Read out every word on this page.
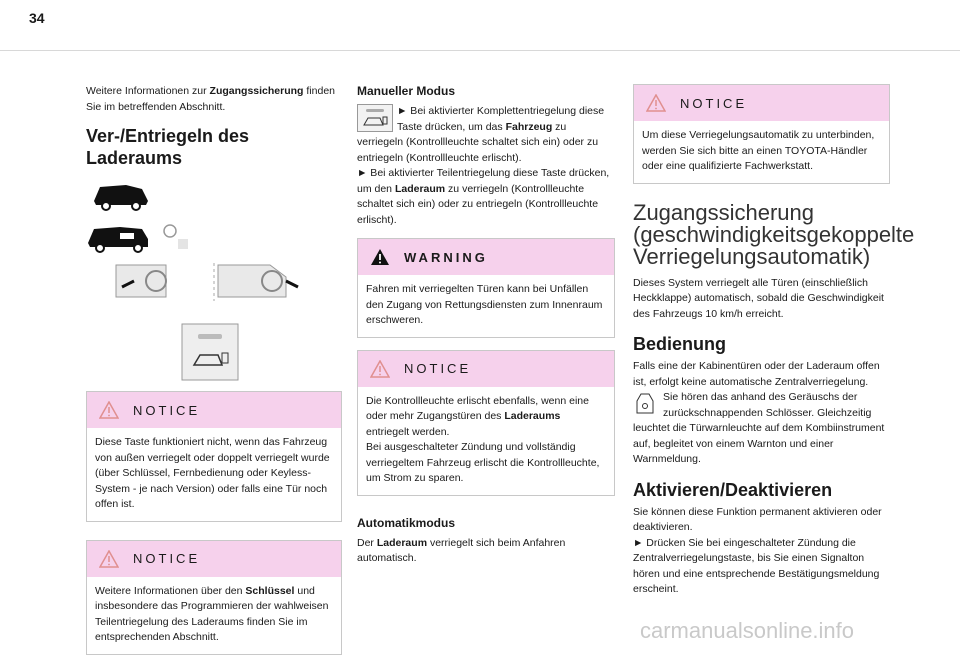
34

Weitere Informationen zur Zugangssicherung finden Sie im betreffenden Abschnitt.

Ver-/Entriegeln des Laderaums
NOTICE

Diese Taste funktioniert nicht, wenn das Fahrzeug von außen verriegelt oder doppelt verriegelt wurde (über Schlüssel, Fernbedienung oder Keyless-System - je nach Version) oder falls eine Tür noch offen ist.

NOTICE

Weitere Informationen über den Schlüssel und insbesondere das Programmieren der wahlweisen Teilentriegelung des Laderaums finden Sie im entsprechenden Abschnitt.

Manueller Modus

► Bei aktivierter Komplettentriegelung diese Taste drücken, um das Fahrzeug zu verriegeln (Kontrollleuchte schaltet sich ein) oder zu entriegeln (Kontrollleuchte erlischt).

► Bei aktivierter Teilentriegelung diese Taste drücken, um den Laderaum zu verriegeln (Kontrollleuchte schaltet sich ein) oder zu entriegeln (Kontrollleuchte erlischt).

WARNING

Fahren mit verriegelten Türen kann bei Unfällen den Zugang von Rettungsdiensten zum Innenraum erschweren.

NOTICE

Die Kontrollleuchte erlischt ebenfalls, wenn eine oder mehr Zugangstüren des Laderaums entriegelt werden.

Bei ausgeschalteter Zündung und vollständig verriegeltem Fahrzeug erlischt die Kontrollleuchte, um Strom zu sparen.

Automatikmodus

Der Laderaum verriegelt sich beim Anfahren automatisch.

NOTICE

Um diese Verriegelungsautomatik zu unterbinden, werden Sie sich bitte an einen TOYOTA-Händler oder eine qualifizierte Fachwerkstatt.

Zugangssicherung (geschwindigkeitsgekoppelte Verriegelungsautomatik)

Dieses System verriegelt alle Türen (einschließlich Heckklappe) automatisch, sobald die Geschwindigkeit des Fahrzeugs 10 km/h erreicht.

Bedienung

Falls eine der Kabinentüren oder der Laderaum offen ist, erfolgt keine automatische Zentralverriegelung.

Sie hören das anhand des Geräuschs der zurückschnappenden Schlösser. Gleichzeitig leuchtet die Türwarnleuchte auf dem Kombiinstrument auf, begleitet von einem Warnton und einer Warnmeldung.

Aktivieren/Deaktivieren

Sie können diese Funktion permanent aktivieren oder deaktivieren.

► Drücken Sie bei eingeschalteter Zündung die Zentralverriegelungstaste, bis Sie einen Signalton hören und eine entsprechende Bestätigungsmeldung erscheint.

carmanualsonline.info
